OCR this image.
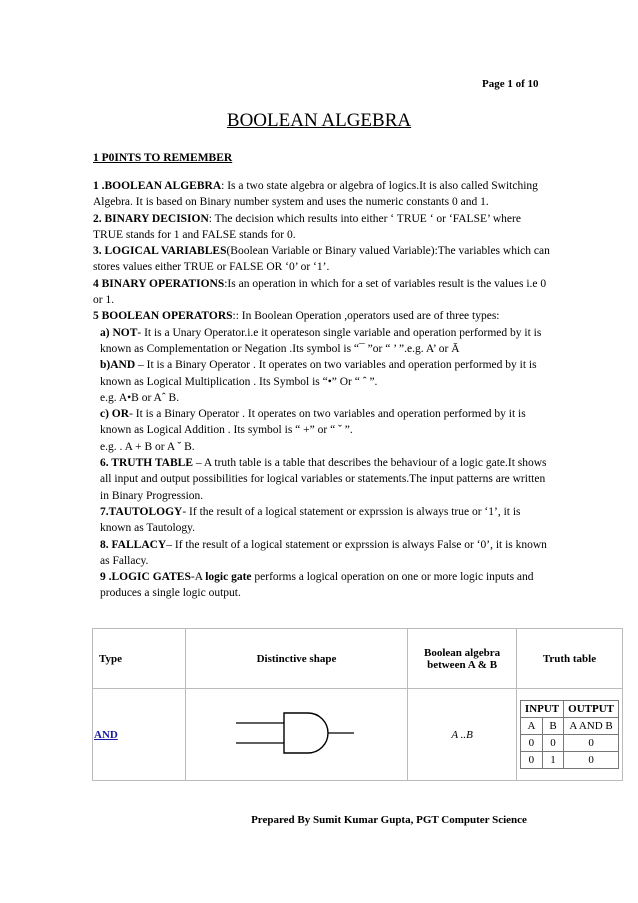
Page 1 of 10
BOOLEAN ALGEBRA
1 P0INTS TO REMEMBER

1 .BOOLEAN ALGEBRA: Is a two state algebra or algebra of logics.It is also called Switching Algebra. It is based on Binary number system and uses the numeric constants 0 and 1.

2. BINARY DECISION: The decision which results into either ‘ TRUE ‘ or ‘FALSE’ where TRUE stands for 1 and FALSE stands for 0.

3. LOGICAL VARIABLES(Boolean Variable or Binary valued Variable):The variables which can stores values either TRUE or FALSE OR ‘0’ or ‘1’.

4 BINARY OPERATIONS:Is an operation in which for a set of variables result is the values i.e 0 or 1.

5 BOOLEAN OPERATORS:: In Boolean Operation ,operators used are of three types:

a) NOT- It is a Unary Operator.i.e it operateson single variable and operation performed by it is known as Complementation or Negation .Its symbol is “¯ ”or “ ’ ”.e.g. A’ or Ā

b)AND – It is a Binary Operator . It operates on two variables and operation performed by it is known as Logical Multiplication . Its Symbol is “•” Or “ ˆ ”.

e.g. A•B or Aˆ B.

c) OR- It is a Binary Operator . It operates on two variables and operation performed by it is known as Logical Addition . Its symbol is “ +” or “ ˇ ”.

e.g. . A + B or A ˇ B.

6. TRUTH TABLE – A truth table is a table that describes the behaviour of a logic gate.It shows all input and output possibilities for logical variables or statements.The input patterns are written in Binary Progression.

7.TAUTOLOGY- If the result of a logical statement or exprssion is always true or ‘1’, it is known as Tautology.

8. FALLACY– If the result of a logical statement or exprssion is always False or ‘0’, it is known as Fallacy.

9 .LOGIC GATES-A logic gate performs a logical operation on one or more logic inputs and produces a single logic output.

Type	Distinctive shape	Boolean algebra between A & B	Truth table
AND		A ..B	
INPUT	OUTPUT
A	B	A AND B
0	0	0
0	1	0
Prepared By Sumit Kumar Gupta, PGT Computer Science
